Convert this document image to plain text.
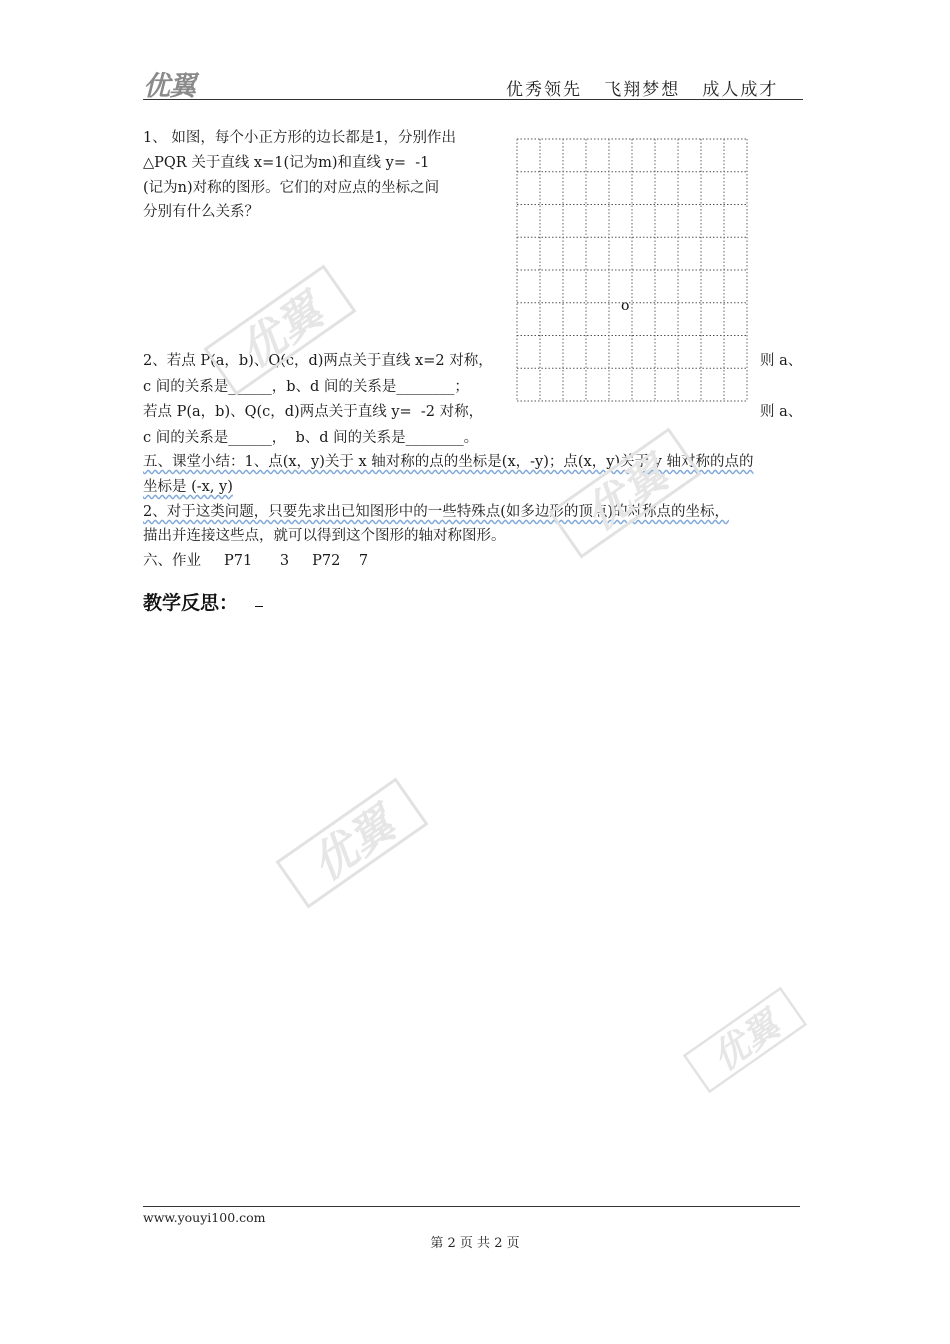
优翼	优秀领先   飞翔梦想   成人成才
1、 如图，每个小正方形的边长都是1，分别作出
△PQR 关于直线 x=1(记为m)和直线 y=  -1
(记为n)对称的图形。它们的对应点的坐标之间
分别有什么关系？
o
2、若点 P(a，b)、Q(c，d)两点关于直线 x=2 对称，	则 a、
c 间的关系是______，b、d 间的关系是________；
若点 P(a，b)、Q(c，d)两点关于直线 y=  -2 对称，	则 a、
c 间的关系是______，  b、d 间的关系是________。
五、课堂小结：1、点(x，y)关于 x 轴对称的点的坐标是(x，-y)；点(x，y)关于 y 轴对称的点的
坐标是 (-x, y)
2、对于这类问题，只要先求出已知图形中的一些特殊点(如多边形的顶点)的对称点的坐标，
描出并连接这些点，就可以得到这个图形的轴对称图形。
六、作业     P71      3     P72    7
教学反思：
优翼
优翼
优翼
优翼
www.youyi100.com
第 2 页 共 2 页
